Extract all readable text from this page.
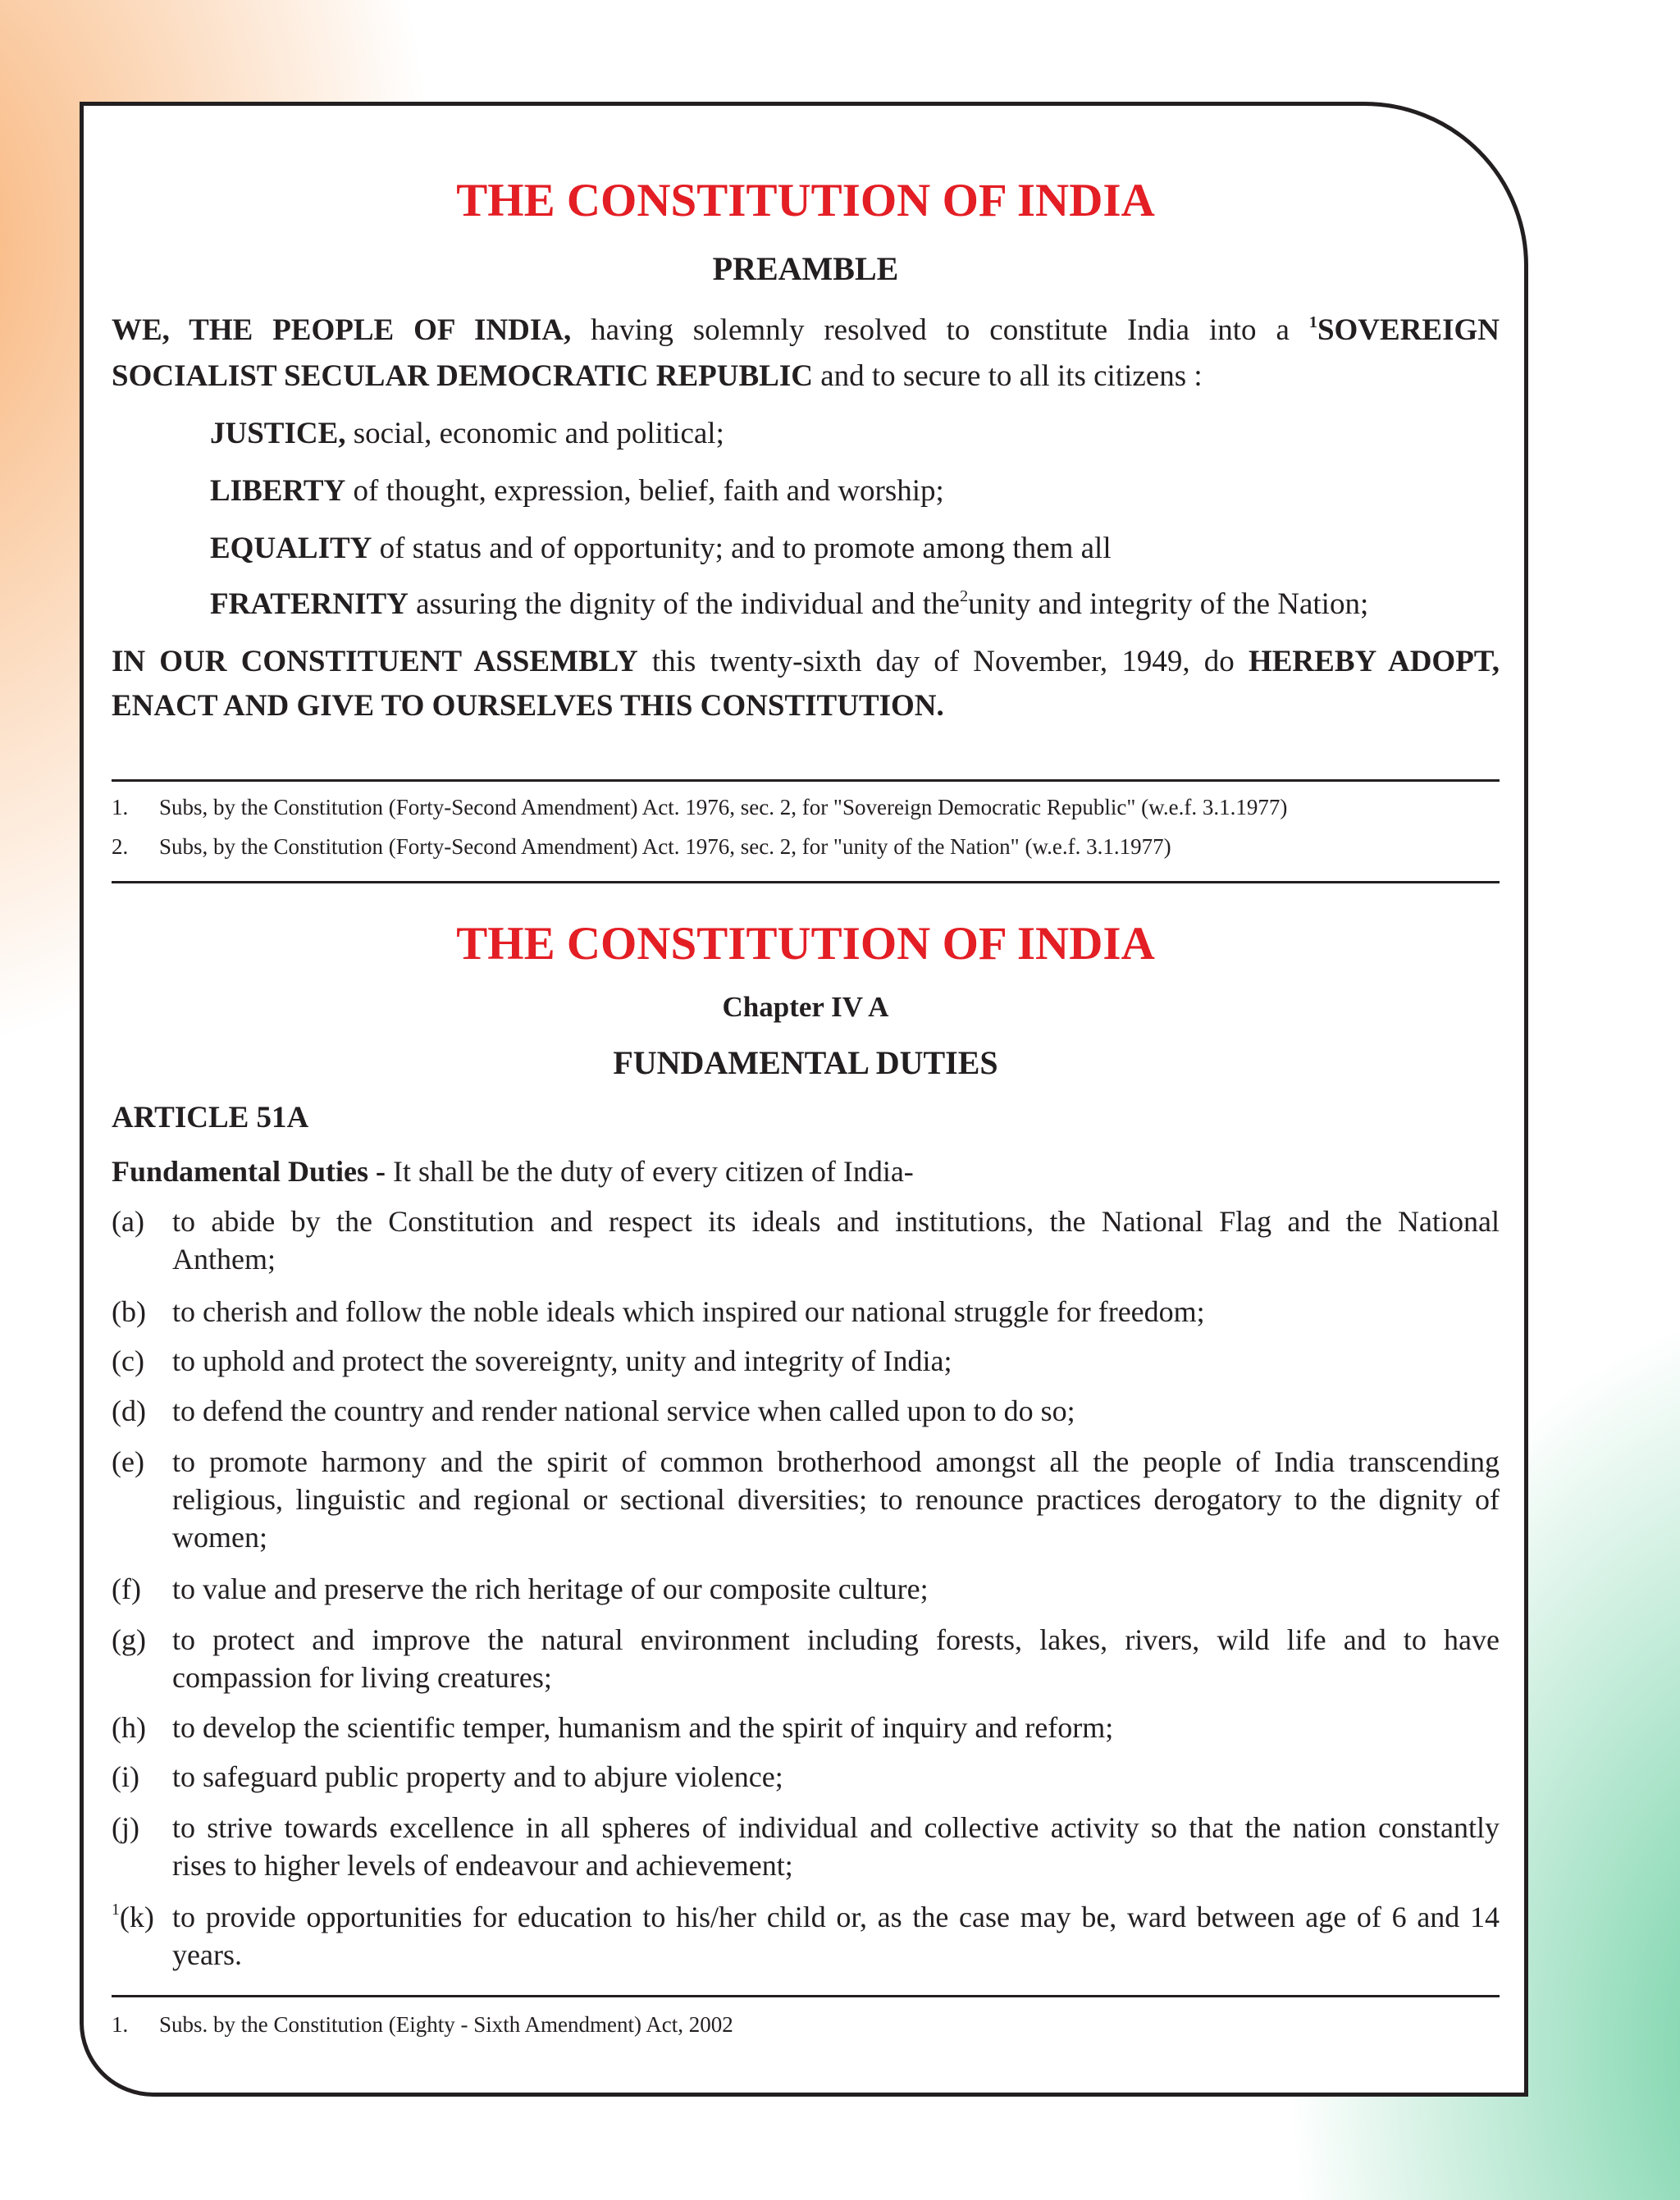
THE CONSTITUTION OF INDIA
PREAMBLE
WE, THE PEOPLE OF INDIA, having solemnly resolved to constitute India into a $^1$SOVEREIGN
SOCIALIST SECULAR DEMOCRATIC REPUBLIC and to secure to all its citizens :
JUSTICE, social, economic and political;
LIBERTY of thought, expression, belief, faith and worship;
EQUALITY of status and of opportunity; and to promote among them all
FRATERNITY assuring the dignity of the individual and the$^2$unity and integrity of the Nation;
IN OUR CONSTITUENT ASSEMBLY this twenty-sixth day of November, 1949, do HEREBY ADOPT,
ENACT AND GIVE TO OURSELVES THIS CONSTITUTION.
1. Subs, by the Constitution (Forty-Second Amendment) Act. 1976, sec. 2, for "Sovereign Democratic Republic" (w.e.f. 3.1.1977)
2. Subs, by the Constitution (Forty-Second Amendment) Act. 1976, sec. 2, for "unity of the Nation" (w.e.f. 3.1.1977)
THE CONSTITUTION OF INDIA
Chapter IV A
FUNDAMENTAL DUTIES
ARTICLE 51A
Fundamental Duties - It shall be the duty of every citizen of India-
(a) to abide by the Constitution and respect its ideals and institutions, the National Flag and the National
Anthem;
(b) to cherish and follow the noble ideals which inspired our national struggle for freedom;
(c) to uphold and protect the sovereignty, unity and integrity of India;
(d) to defend the country and render national service when called upon to do so;
(e) to promote harmony and the spirit of common brotherhood amongst all the people of India transcending
religious, linguistic and regional or sectional diversities; to renounce practices derogatory to the dignity of
women;
(f) to value and preserve the rich heritage of our composite culture;
(g) to protect and improve the natural environment including forests, lakes, rivers, wild life and to have
compassion for living creatures;
(h) to develop the scientific temper, humanism and the spirit of inquiry and reform;
(i) to safeguard public property and to abjure violence;
(j) to strive towards excellence in all spheres of individual and collective activity so that the nation constantly
rises to higher levels of endeavour and achievement;
$^1$(k) to provide opportunities for education to his/her child or, as the case may be, ward between age of 6 and 14
years.
1. Subs. by the Constitution (Eighty - Sixth Amendment) Act, 2002
